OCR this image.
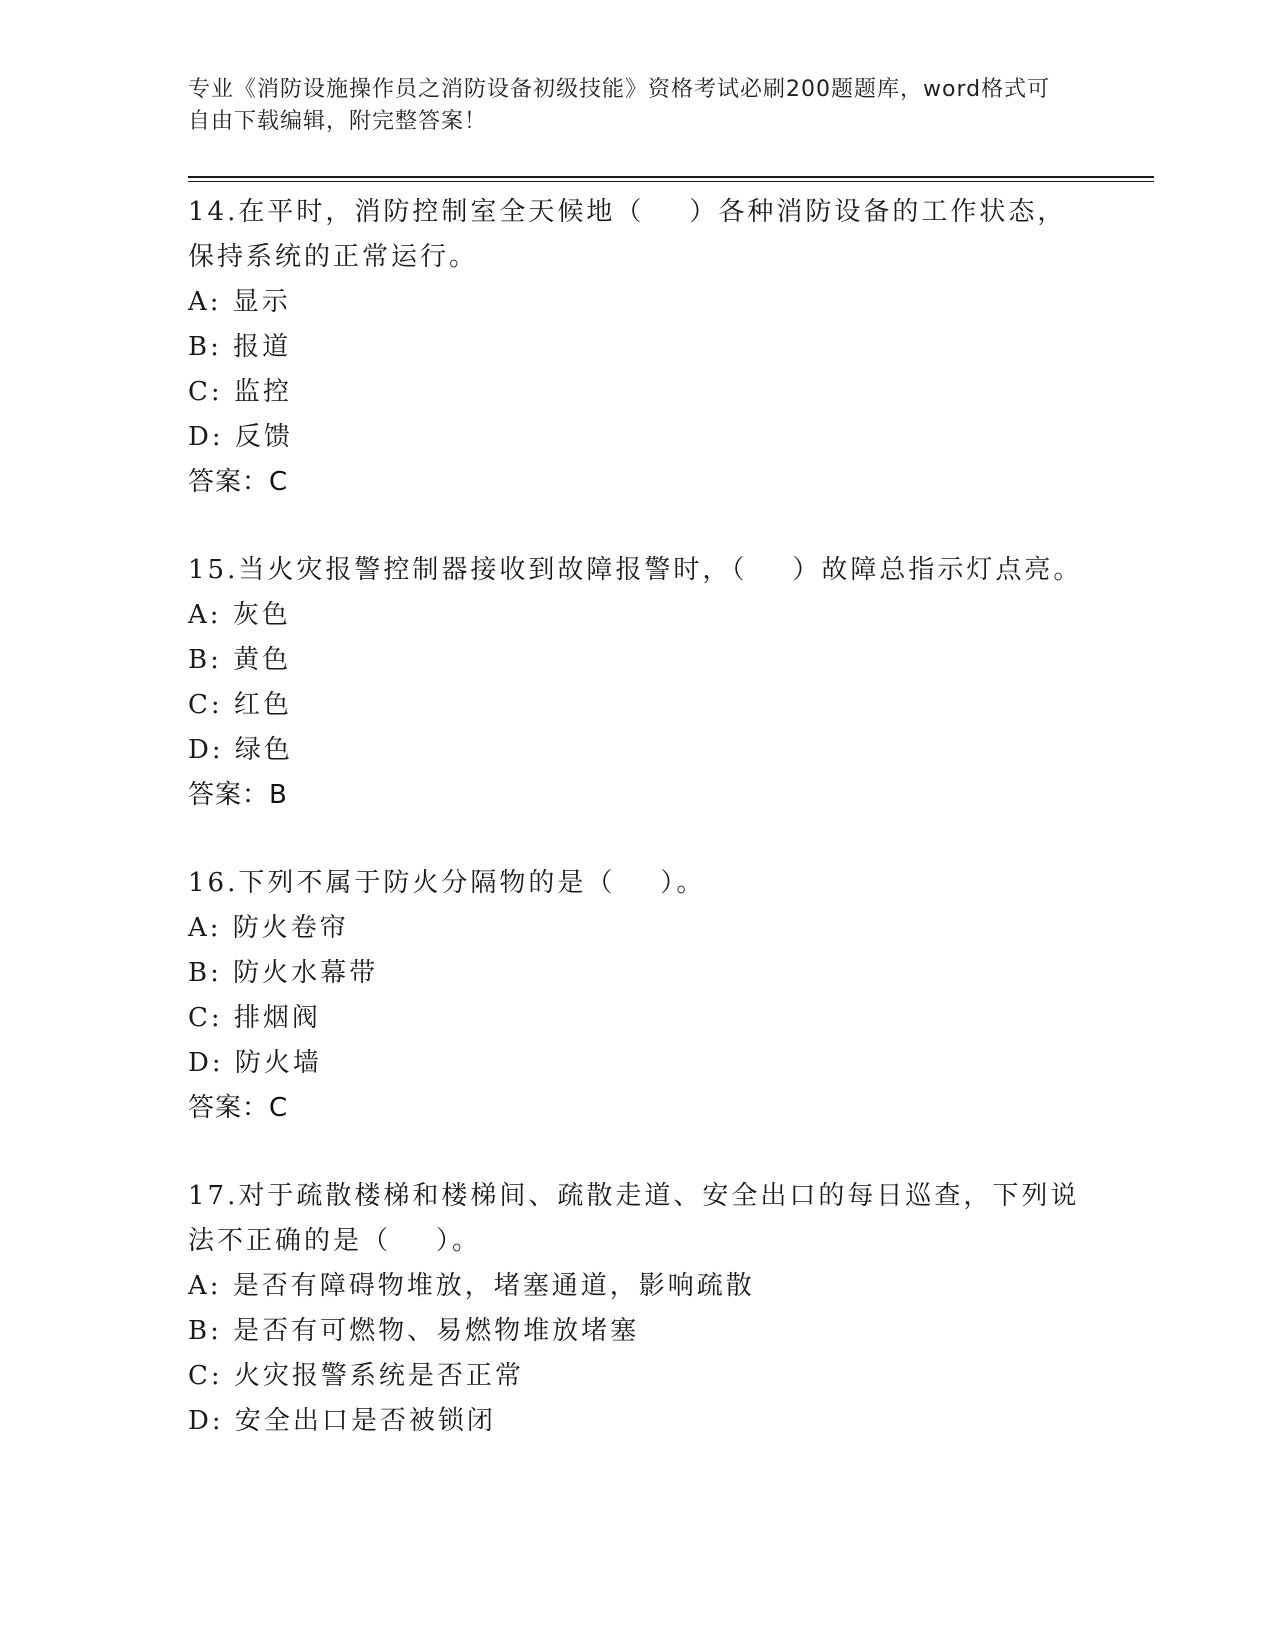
专业《消防设施操作员之消防设备初级技能》资格考试必刷200题题库，word格式可自由下载编辑，附完整答案！

14.在平时，消防控制室全天候地（    ）各种消防设备的工作状态，保持系统的正常运行。

A: 显示
B: 报道
C: 监控
D: 反馈
答案：C

15.当火灾报警控制器接收到故障报警时，（    ）故障总指示灯点亮。

A: 灰色
B: 黄色
C: 红色
D: 绿色
答案：B

16.下列不属于防火分隔物的是（    ）。

A: 防火卷帘
B: 防火水幕带
C: 排烟阀
D: 防火墙
答案：C

17.对于疏散楼梯和楼梯间、疏散走道、安全出口的每日巡查，下列说法不正确的是（    ）。

A: 是否有障碍物堆放，堵塞通道，影响疏散
B: 是否有可燃物、易燃物堆放堵塞
C: 火灾报警系统是否正常
D: 安全出口是否被锁闭
